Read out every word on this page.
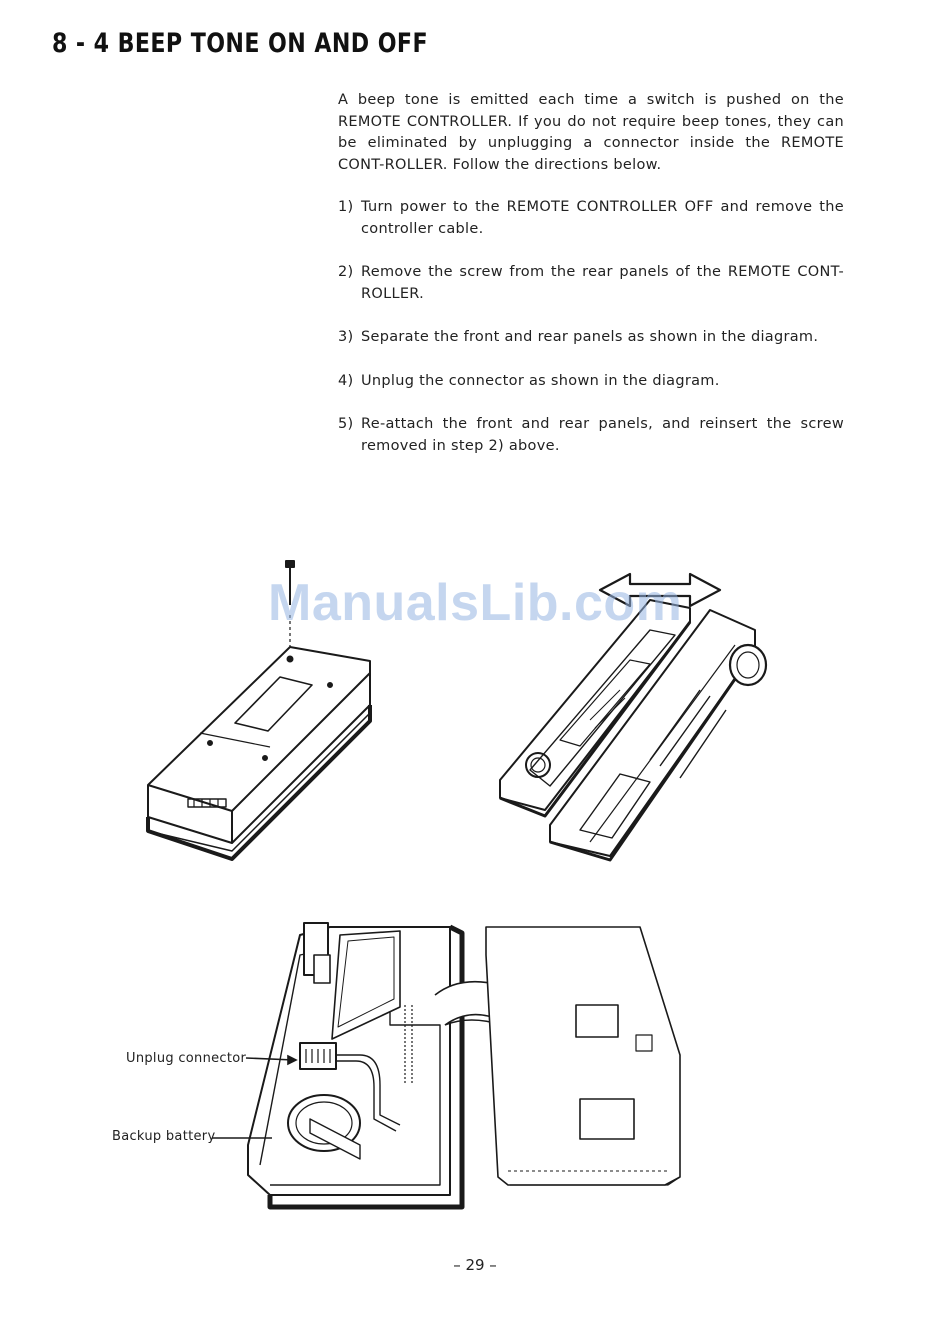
8 - 4 BEEP TONE ON AND OFF

A beep tone is emitted each time a switch is pushed on the REMOTE CONTROLLER. If you do not require beep tones, they can be eliminated by unplugging a connector inside the REMOTE CONT-ROLLER. Follow the directions below.

1) Turn power to the REMOTE CONTROLLER OFF and remove the controller cable.
2) Remove the screw from the rear panels of the REMOTE CONT-ROLLER.
3) Separate the front and rear panels as shown in the diagram.
4) Unplug the connector as shown in the diagram.
5) Re-attach the front and rear panels, and reinsert the screw removed in step 2) above.
ManualsLib.com
Unplug connector
Backup battery
– 29 –
